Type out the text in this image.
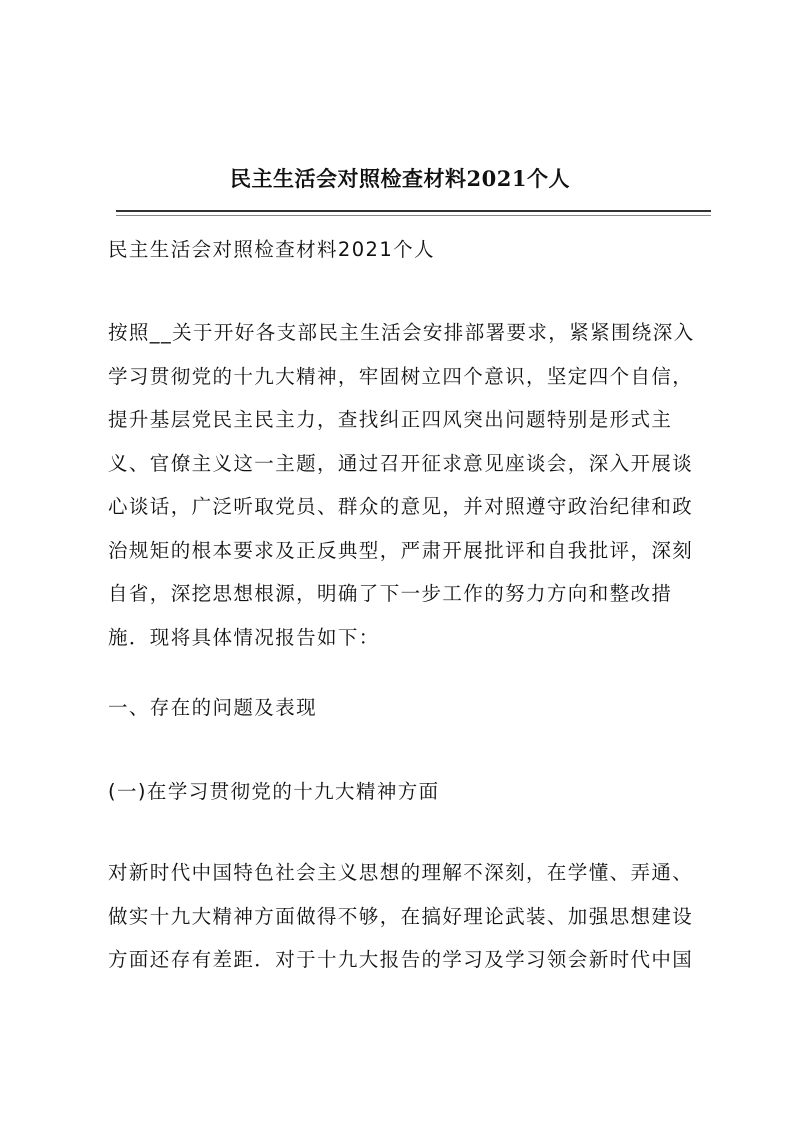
民主生活会对照检查材料2021个人

民主生活会对照检查材料2021个人

按照__关于开好各支部民主生活会安排部署要求，紧紧围绕深入
学习贯彻党的十九大精神，牢固树立四个意识，坚定四个自信，
提升基层党民主民主力，查找纠正四风突出问题特别是形式主
义、官僚主义这一主题，通过召开征求意见座谈会，深入开展谈
心谈话，广泛听取党员、群众的意见，并对照遵守政治纪律和政
治规矩的根本要求及正反典型，严肃开展批评和自我批评，深刻
自省，深挖思想根源，明确了下一步工作的努力方向和整改措
施．现将具体情况报告如下：

一、存在的问题及表现

(一)在学习贯彻党的十九大精神方面

对新时代中国特色社会主义思想的理解不深刻，在学懂、弄通、
做实十九大精神方面做得不够，在搞好理论武装、加强思想建设
方面还存有差距．对于十九大报告的学习及学习领会新时代中国
